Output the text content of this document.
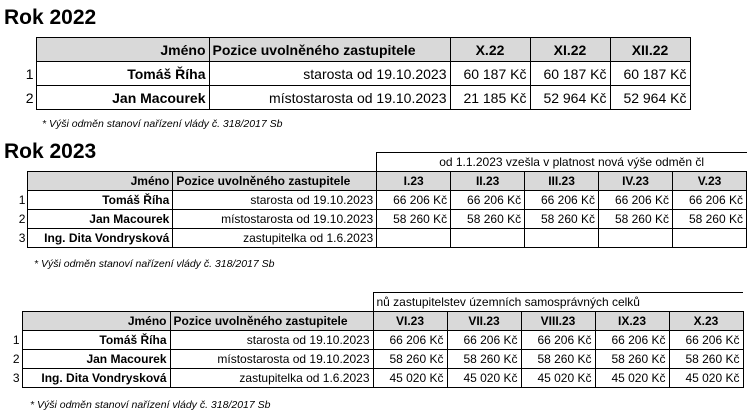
Rok 2022
	Jméno	Pozice uvolněného zastupitele	X.22	XI.22	XII.22
1	Tomáš Říha	starosta od 19.10.2023	60 187 Kč	60 187 Kč	60 187 Kč
2	Jan Macourek	místostarosta od 19.10.2023	21 185 Kč	52 964 Kč	52 964 Kč
* Výši odměn stanoví nařízení vlády č. 318/2017 Sb
Rok 2023
				od 1.1.2023 vzešla v platnost nová výše odměn čl				
	Jméno	Pozice uvolněného zastupitele	I.23	II.23	III.23	IV.23	V.23
1	Tomáš Říha	starosta od 19.10.2023	66 206 Kč	66 206 Kč	66 206 Kč	66 206 Kč	66 206 Kč
2	Jan Macourek	místostarosta od 19.10.2023	58 260 Kč	58 260 Kč	58 260 Kč	58 260 Kč	58 260 Kč
3	Ing. Dita Vondrysková	zastupitelka od 1.6.2023					
* Výši odměn stanoví nařízení vlády č. 318/2017 Sb
			nů zastupitelstev územních samosprávných celků				
	Jméno	Pozice uvolněného zastupitele	VI.23	VII.23	VIII.23	IX.23	X.23
1	Tomáš Říha	starosta od 19.10.2023	66 206 Kč	66 206 Kč	66 206 Kč	66 206 Kč	66 206 Kč
2	Jan Macourek	místostarosta od 19.10.2023	58 260 Kč	58 260 Kč	58 260 Kč	58 260 Kč	58 260 Kč
3	Ing. Dita Vondrysková	zastupitelka od 1.6.2023	45 020 Kč	45 020 Kč	45 020 Kč	45 020 Kč	45 020 Kč
* Výši odměn stanoví nařízení vlády č. 318/2017 Sb
